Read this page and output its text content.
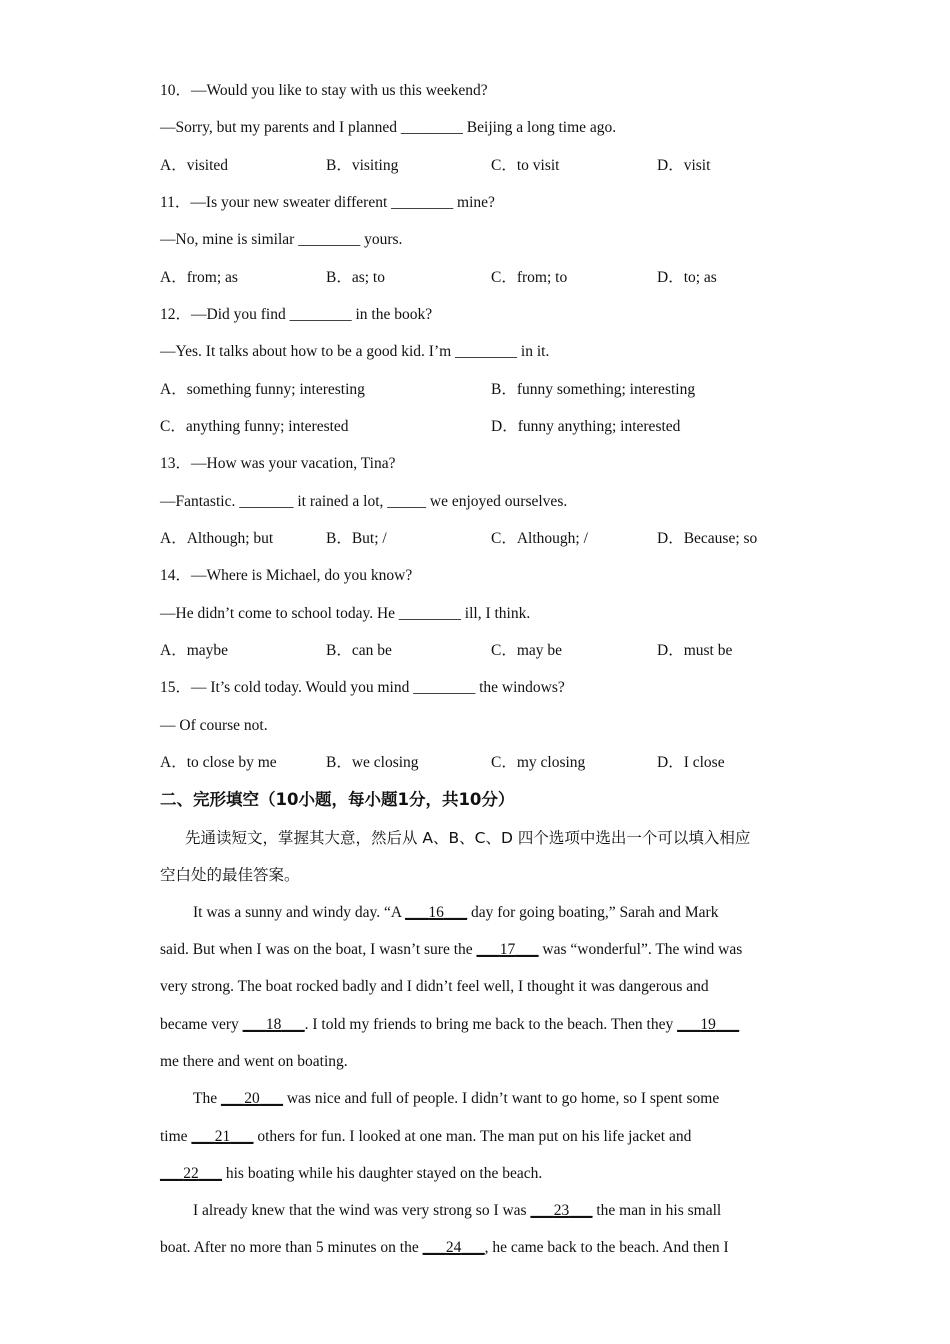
10．—Would you like to stay with us this weekend?
—Sorry, but my parents and I planned ________ Beijing a long time ago.
A．visited	B．visiting	C．to visit	D．visit
11．—Is your new sweater different ________ mine?
—No, mine is similar ________ yours.
A．from; as	B．as; to	C．from; to	D．to; as
12．—Did you find ________ in the book?
—Yes. It talks about how to be a good kid. I’m ________ in it.
A．something funny; interesting	B．funny something; interesting
C．anything funny; interested	D．funny anything; interested
13．—How was your vacation, Tina?
—Fantastic. _______ it rained a lot, _____ we enjoyed ourselves.
A．Although; but	B．But; /	C．Although; /	D．Because; so
14．—Where is Michael, do you know?
—He didn’t come to school today. He ________ ill, I think.
A．maybe	B．can be	C．may be	D．must be
15．— It’s cold today. Would you mind ________ the windows?
— Of course not.
A．to close by me	B．we closing	C．my closing	D．I close
二、完形填空（10小题，每小题1分，共10分）
先通读短文，掌握其大意，然后从 A、B、C、D 四个选项中选出一个可以填入相应
空白处的最佳答案。
It was a sunny and windy day. “A ___16___ day for going boating,” Sarah and Mark
said. But when I was on the boat, I wasn’t sure the ___17___ was “wonderful”. The wind was
very strong. The boat rocked badly and I didn’t feel well, I thought it was dangerous and
became very ___18___. I told my friends to bring me back to the beach. Then they ___19___
me there and went on boating.
The ___20___ was nice and full of people. I didn’t want to go home, so I spent some
time ___21___ others for fun. I looked at one man. The man put on his life jacket and
___22___ his boating while his daughter stayed on the beach.
I already knew that the wind was very strong so I was ___23___ the man in his small
boat. After no more than 5 minutes on the ___24___, he came back to the beach. And then I
